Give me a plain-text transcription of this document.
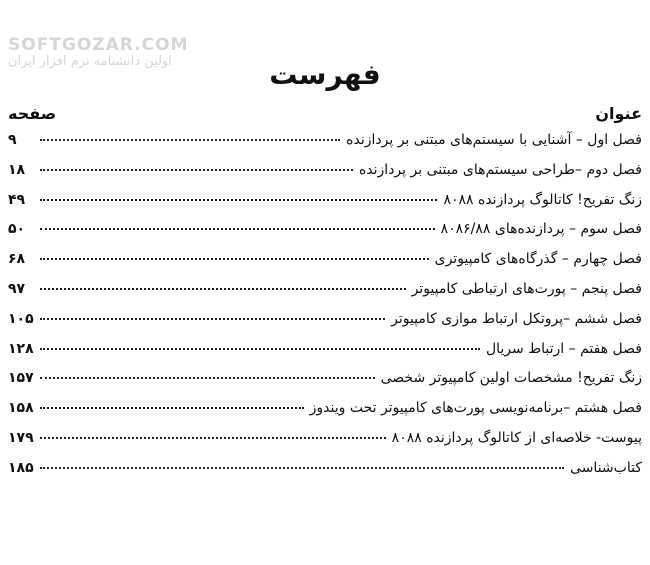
SOFTGOZAR.COM
اولین دانشنامه نرم افزار ایران	فهرست
عنوان
صفحه
فصل اول – آشنایی با سیستم‌های مبتنی بر پردازنده
۹
فصل دوم –طراحی سیستم‌های مبتنی بر پردازنده
۱۸
زنگ تفریح! کاتالوگ پردازنده ۸۰۸۸
۴۹
فصل سوم – پردازنده‌های ۸۰۸۶/۸۸
۵۰
فصل چهارم – گذرگاه‌های کامپیوتری
۶۸
فصل پنجم – پورت‌های ارتباطی کامپیوتر
۹۷
فصل ششم –پروتکل ارتباط موازی کامپیوتر
۱۰۵
فصل هفتم – ارتباط سریال
۱۲۸
زنگ تفریح! مشخصات اولین کامپیوتر شخصی
۱۵۷
فصل هشتم –برنامه‌نویسی پورت‌های کامپیوتر تحت ویندوز
۱۵۸
پیوست- خلاصه‌ای از کاتالوگ پردازنده ۸۰۸۸
۱۷۹
کتاب‌شناسی
۱۸۵
